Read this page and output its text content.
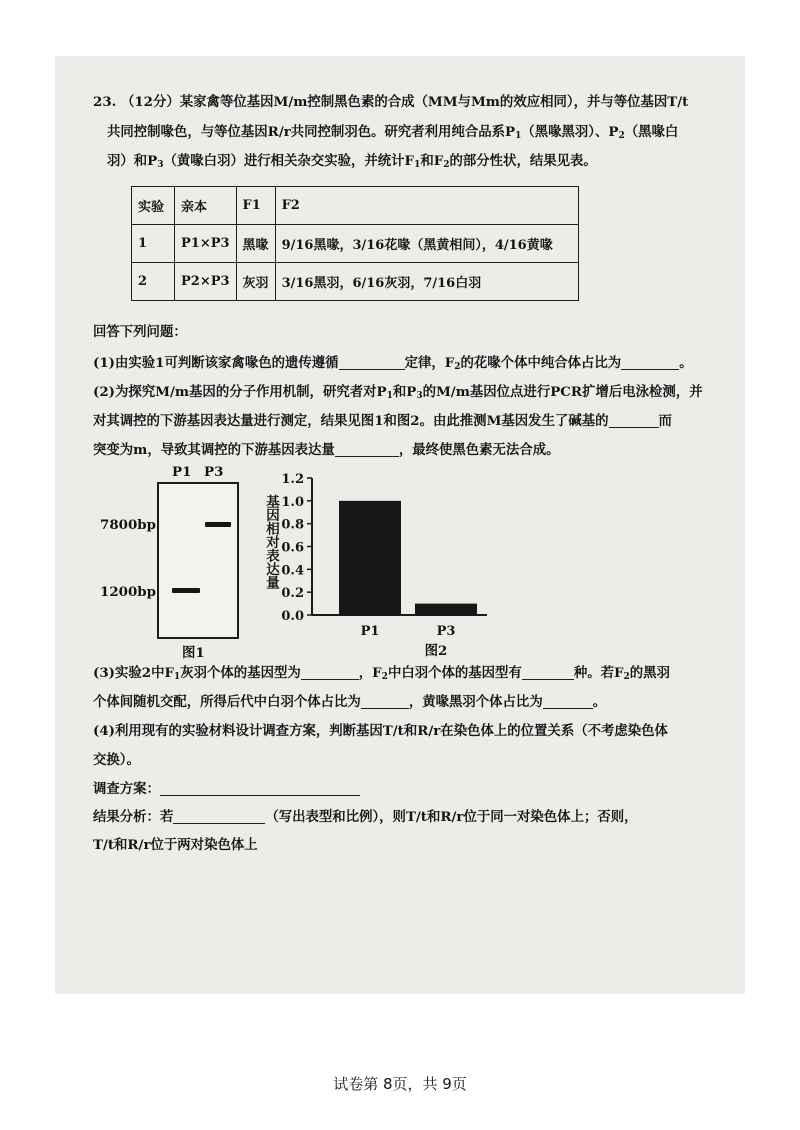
23. （12分）某家禽等位基因M/m控制黑色素的合成（MM与Mm的效应相同），并与等位基因T/t
共同控制喙色，与等位基因R/r共同控制羽色。研究者利用纯合品系$P_1$（黑喙黑羽）、$P_2$（黑喙白
羽）和$P_3$（黄喙白羽）进行相关杂交实验，并统计$F_1$和$F_2$的部分性状，结果见表。
实验	亲本	F1	F2
1	P1×P3	黑喙	9/16黑喙，3/16花喙（黑黄相间），4/16黄喙
2	P2×P3	灰羽	3/16黑羽，6/16灰羽，7/16白羽
回答下列问题：
(1)由实验1可判断该家禽喙色的遗传遵循	定律，$F_2$的花喙个体中纯合体占比为	。
(2)为探究M/m基因的分子作用机制，研究者对$P_1$和$P_3$的M/m基因位点进行PCR扩增后电泳检测，并
对其调控的下游基因表达量进行测定，结果见图1和图2。由此推测M基因发生了碱基的	而
突变为m，导致其调控的下游基因表达量	，最终使黑色素无法合成。
P1 P3
7800bp
1200bp
图1
0.0
0.2
0.4
0.6
0.8
1.0
1.2
基因相对表达量
P1	P3
图2
(3)实验2中$F_1$灰羽个体的基因型为	，$F_2$中白羽个体的基因型有	种。若$F_2$的黑羽
个体间随机交配，所得后代中白羽个体占比为	，黄喙黑羽个体占比为	。
(4)利用现有的实验材料设计调查方案，判断基因T/t和R/r在染色体上的位置关系（不考虑染色体
交换）。
调查方案：
结果分析：若	（写出表型和比例），则T/t和R/r位于同一对染色体上；否则，
T/t和R/r位于两对染色体上
试卷第 8页，共 9页
